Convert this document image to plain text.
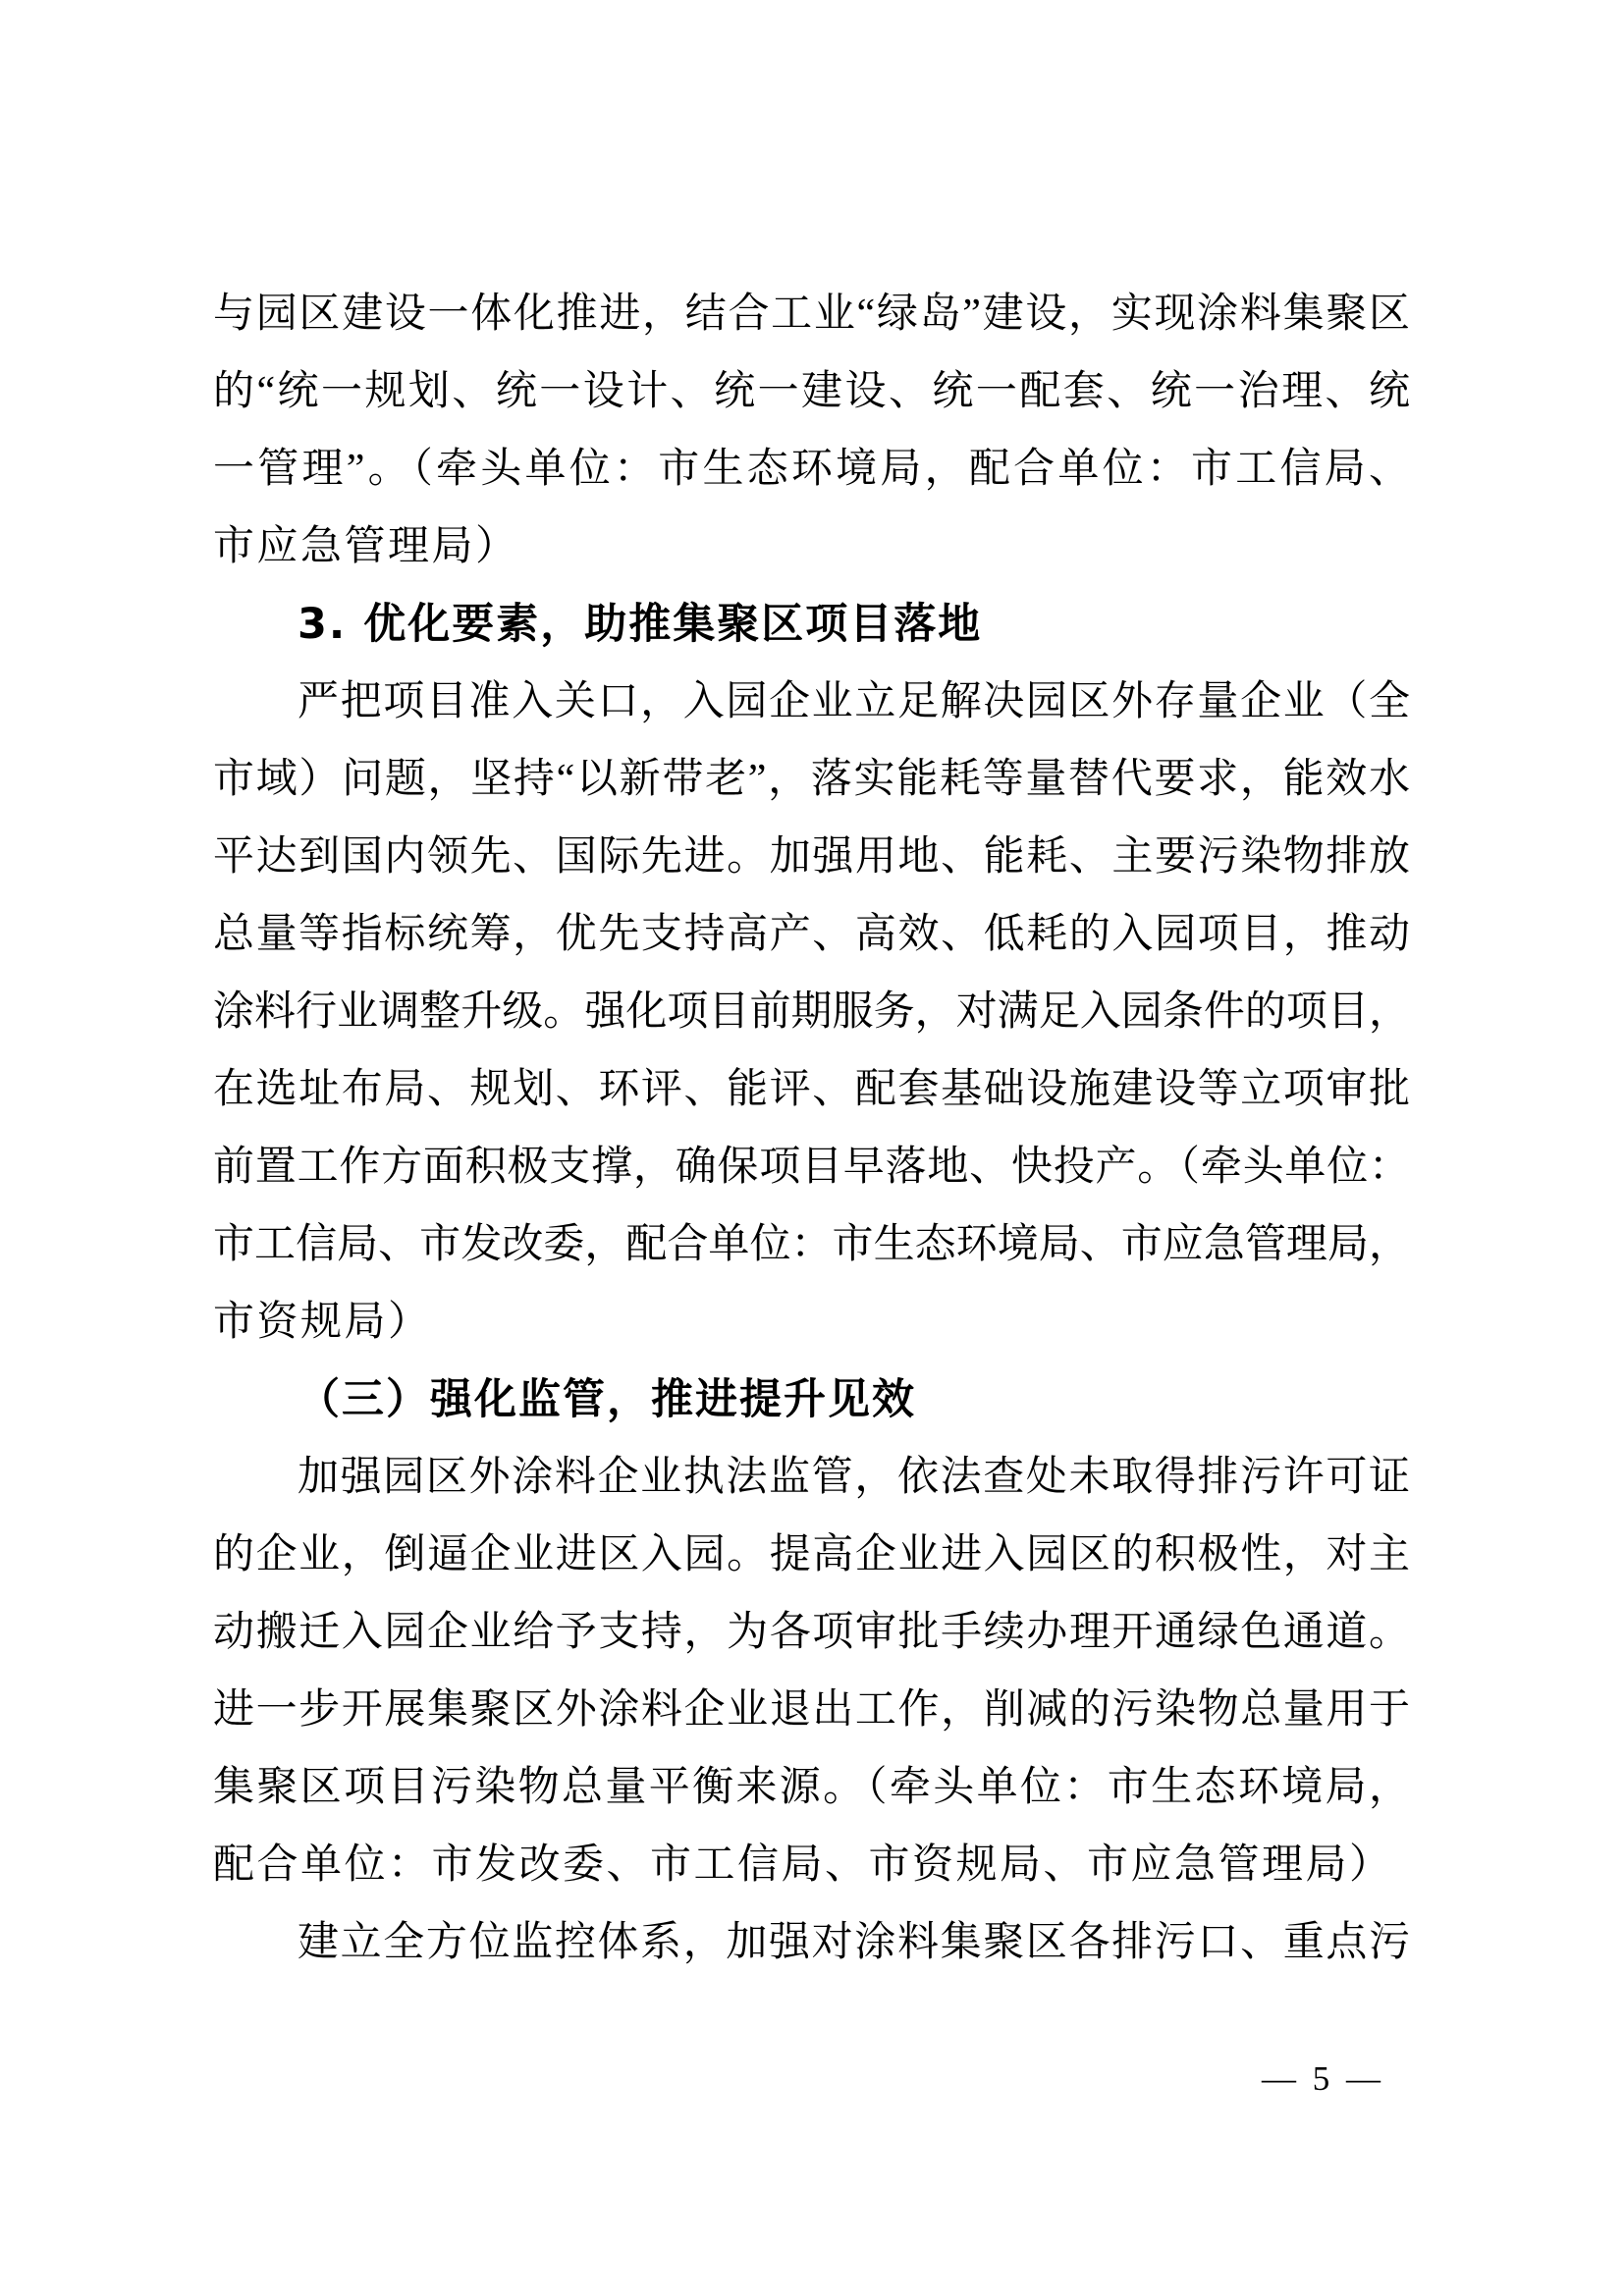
与园区建设一体化推进，结合工业“绿岛”建设，实现涂料集聚区
的“统一规划、统一设计、统一建设、统一配套、统一治理、统
一管理”。（牵头单位：市生态环境局，配合单位：市工信局、
市应急管理局）
3. 优化要素，助推集聚区项目落地
严把项目准入关口，入园企业立足解决园区外存量企业（全
市域）问题，坚持“以新带老”，落实能耗等量替代要求，能效水
平达到国内领先、国际先进。加强用地、能耗、主要污染物排放
总量等指标统筹，优先支持高产、高效、低耗的入园项目，推动
涂料行业调整升级。强化项目前期服务，对满足入园条件的项目，
在选址布局、规划、环评、能评、配套基础设施建设等立项审批
前置工作方面积极支撑，确保项目早落地、快投产。（牵头单位：
市工信局、市发改委，配合单位：市生态环境局、市应急管理局，
市资规局）
（三）强化监管，推进提升见效
加强园区外涂料企业执法监管，依法查处未取得排污许可证
的企业，倒逼企业进区入园。提高企业进入园区的积极性，对主
动搬迁入园企业给予支持，为各项审批手续办理开通绿色通道。
进一步开展集聚区外涂料企业退出工作，削减的污染物总量用于
集聚区项目污染物总量平衡来源。（牵头单位：市生态环境局，
配合单位：市发改委、市工信局、市资规局、市应急管理局）
建立全方位监控体系，加强对涂料集聚区各排污口、重点污
— 5 —
